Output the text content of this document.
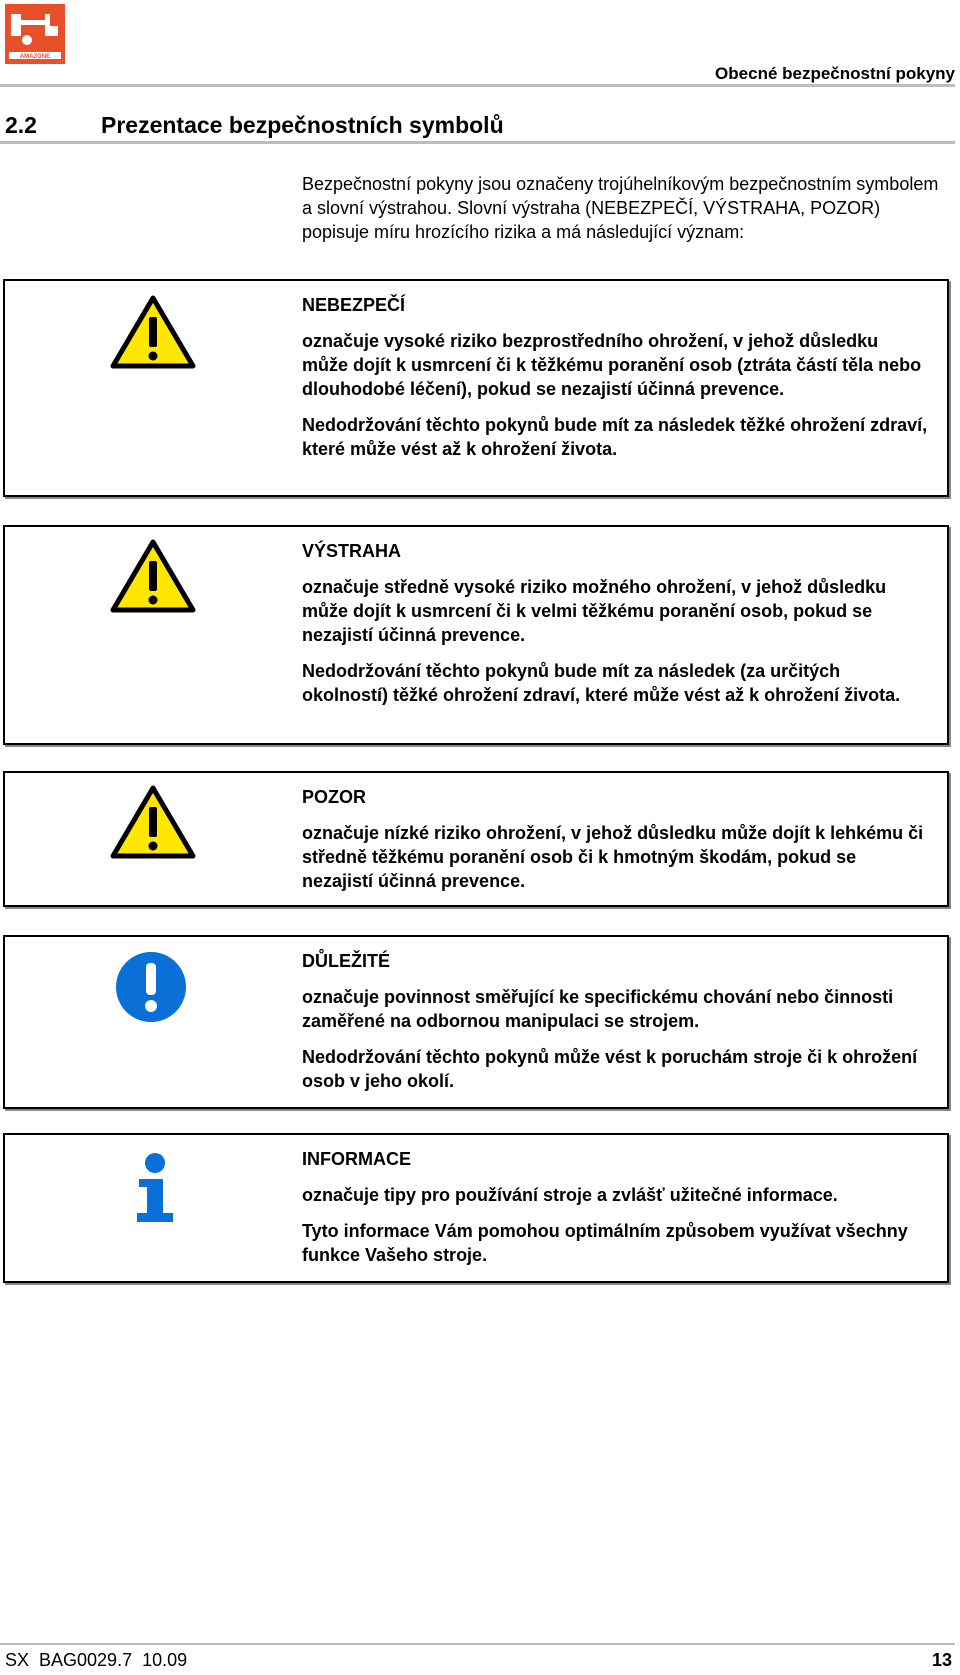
AMAZONE
Obecné bezpečnostní pokyny
2.2	Prezentace bezpečnostních symbolů
Bezpečnostní pokyny jsou označeny trojúhelníkovým bezpečnostním symbolem a slovní výstrahou. Slovní výstraha (NEBEZPEČÍ, VÝSTRAHA, POZOR) popisuje míru hrozícího rizika a má následující význam:
NEBEZPEČÍ

označuje vysoké riziko bezprostředního ohrožení, v jehož důsledku může dojít k usmrcení či k těžkému poranění osob (ztráta částí těla nebo dlouhodobé léčení), pokud se nezajistí účinná prevence.

Nedodržování těchto pokynů bude mít za následek těžké ohrožení zdraví, které může vést až k ohrožení života.

VÝSTRAHA

označuje středně vysoké riziko možného ohrožení, v jehož důsledku může dojít k usmrcení či k velmi těžkému poranění osob, pokud se nezajistí účinná prevence.

Nedodržování těchto pokynů bude mít za následek (za určitých okolností) těžké ohrožení zdraví, které může vést až k ohrožení života.

POZOR

označuje nízké riziko ohrožení, v jehož důsledku může dojít k lehkému či středně těžkému poranění osob či k hmotným škodám, pokud se nezajistí účinná prevence.

DŮLEŽITÉ

označuje povinnost směřující ke specifickému chování nebo činnosti zaměřené na odbornou manipulaci se strojem.

Nedodržování těchto pokynů může vést k poruchám stroje či k ohrožení osob v jeho okolí.

INFORMACE

označuje tipy pro používání stroje a zvlášť užitečné informace.

Tyto informace Vám pomohou optimálním způsobem využívat všechny funkce Vašeho stroje.

SX  BAG0029.7  10.09	13
